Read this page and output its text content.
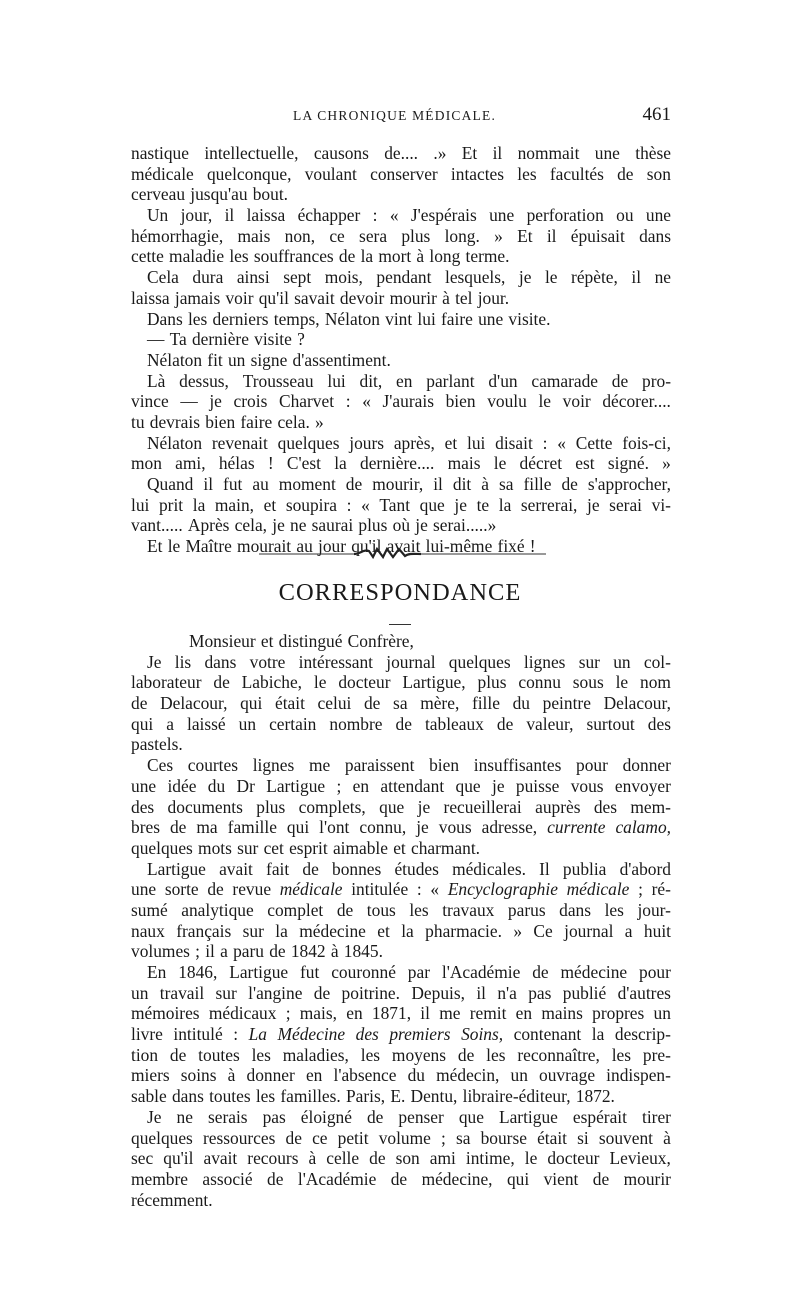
LA CHRONIQUE MÉDICALE.	461
nastique intellectuelle, causons de.... .» Et il nommait une thèse
médicale quelconque, voulant conserver intactes les facultés de son
cerveau jusqu'au bout.
Un jour, il laissa échapper : « J'espérais une perforation ou une
hémorrhagie, mais non, ce sera plus long. » Et il épuisait dans
cette maladie les souffrances de la mort à long terme.
Cela dura ainsi sept mois, pendant lesquels, je le répète, il ne
laissa jamais voir qu'il savait devoir mourir à tel jour.
Dans les derniers temps, Nélaton vint lui faire une visite.
— Ta dernière visite ?
Nélaton fit un signe d'assentiment.
Là dessus, Trousseau lui dit, en parlant d'un camarade de pro-
vince — je crois Charvet : « J'aurais bien voulu le voir décorer....
tu devrais bien faire cela. »
Nélaton revenait quelques jours après, et lui disait : « Cette fois-ci,
mon ami, hélas ! C'est la dernière.... mais le décret est signé. »
Quand il fut au moment de mourir, il dit à sa fille de s'approcher,
lui prit la main, et soupira : « Tant que je te la serrerai, je serai vi-
vant..... Après cela, je ne saurai plus où je serai.....»
Et le Maître mourait au jour qu'il avait lui-même fixé !
CORRESPONDANCE
Monsieur et distingué Confrère,
Je lis dans votre intéressant journal quelques lignes sur un col-
laborateur de Labiche, le docteur Lartigue, plus connu sous le nom
de Delacour, qui était celui de sa mère, fille du peintre Delacour,
qui a laissé un certain nombre de tableaux de valeur, surtout des
pastels.
Ces courtes lignes me paraissent bien insuffisantes pour donner
une idée du Dr Lartigue ; en attendant que je puisse vous envoyer
des documents plus complets, que je recueillerai auprès des mem-
bres de ma famille qui l'ont connu, je vous adresse, currente calamo,
quelques mots sur cet esprit aimable et charmant.
Lartigue avait fait de bonnes études médicales. Il publia d'abord
une sorte de revue médicale intitulée : « Encyclographie médicale ; ré-
sumé analytique complet de tous les travaux parus dans les jour-
naux français sur la médecine et la pharmacie. » Ce journal a huit
volumes ; il a paru de 1842 à 1845.
En 1846, Lartigue fut couronné par l'Académie de médecine pour
un travail sur l'angine de poitrine. Depuis, il n'a pas publié d'autres
mémoires médicaux ; mais, en 1871, il me remit en mains propres un
livre intitulé : La Médecine des premiers Soins, contenant la descrip-
tion de toutes les maladies, les moyens de les reconnaître, les pre-
miers soins à donner en l'absence du médecin, un ouvrage indispen-
sable dans toutes les familles. Paris, E. Dentu, libraire-éditeur, 1872.
Je ne serais pas éloigné de penser que Lartigue espérait tirer
quelques ressources de ce petit volume ; sa bourse était si souvent à
sec qu'il avait recours à celle de son ami intime, le docteur Levieux,
membre associé de l'Académie de médecine, qui vient de mourir
récemment.
